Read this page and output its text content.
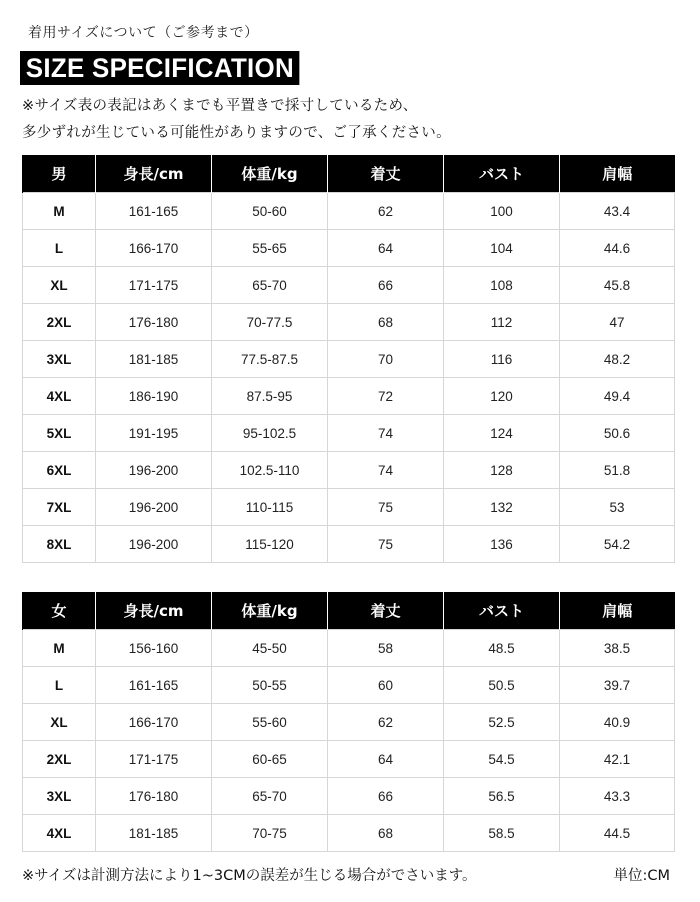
着用サイズについて（ご参考まで）
SIZE SPECIFICATION
※サイズ表の表記はあくまでも平置きで採寸しているため、
多少ずれが生じている可能性がありますので、ご了承ください。
男	身長/cm	体重/kg	着丈	バスト	肩幅
M	161-165	50-60	62	100	43.4
L	166-170	55-65	64	104	44.6
XL	171-175	65-70	66	108	45.8
2XL	176-180	70-77.5	68	112	47
3XL	181-185	77.5-87.5	70	116	48.2
4XL	186-190	87.5-95	72	120	49.4
5XL	191-195	95-102.5	74	124	50.6
6XL	196-200	102.5-110	74	128	51.8
7XL	196-200	110-115	75	132	53
8XL	196-200	115-120	75	136	54.2
女	身長/cm	体重/kg	着丈	バスト	肩幅
M	156-160	45-50	58	48.5	38.5
L	161-165	50-55	60	50.5	39.7
XL	166-170	55-60	62	52.5	40.9
2XL	171-175	60-65	64	54.5	42.1
3XL	176-180	65-70	66	56.5	43.3
4XL	181-185	70-75	68	58.5	44.5
※サイズは計測方法により1~3CMの誤差が生じる場合がでさいます。	単位:CM
